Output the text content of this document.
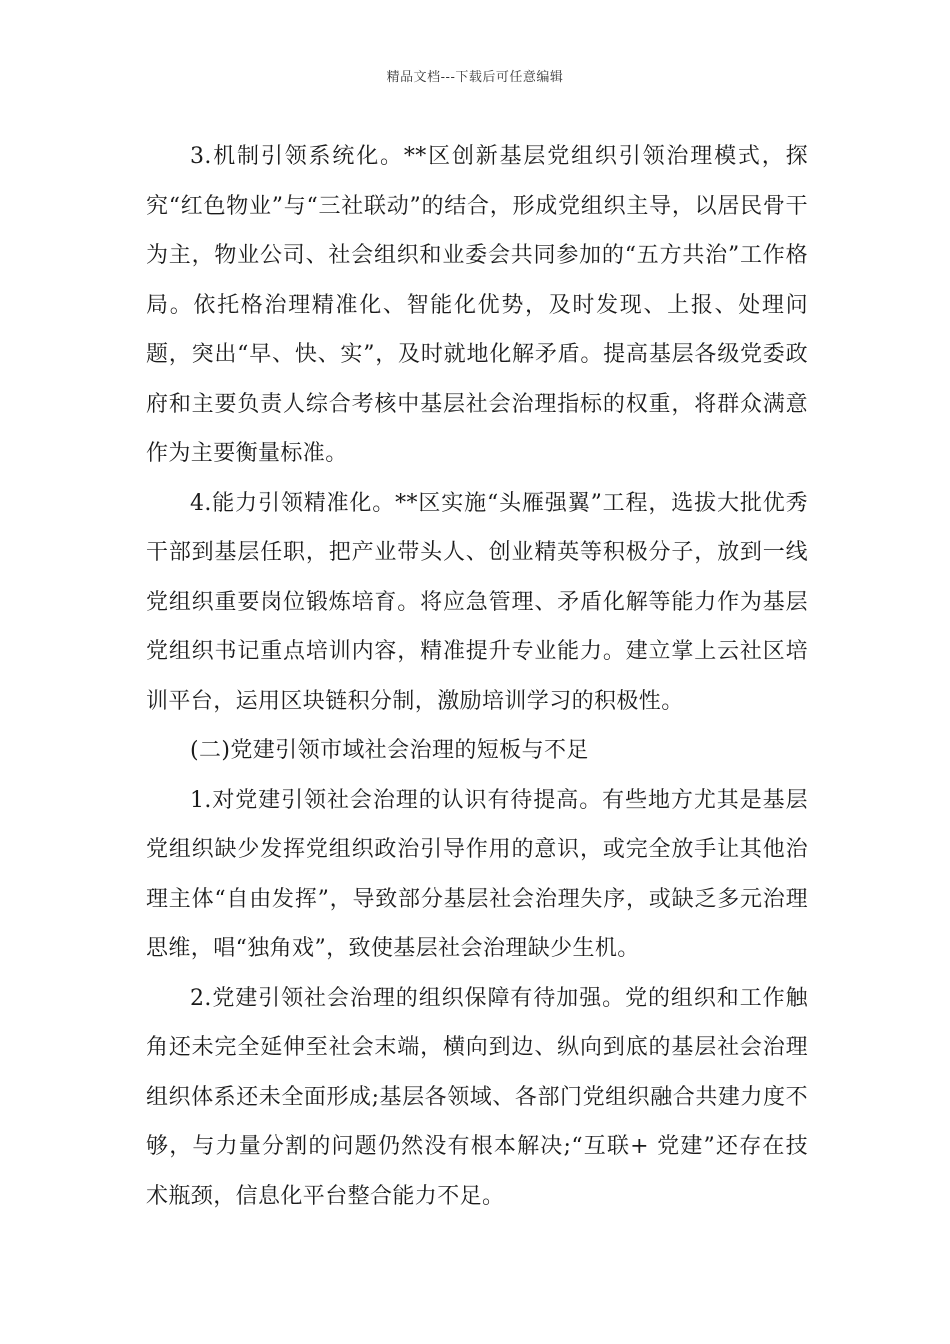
精品文档---下载后可任意编辑

3.机制引领系统化。**区创新基层党组织引领治理模式，探究“红色物业”与“三社联动”的结合，形成党组织主导，以居民骨干为主，物业公司、社会组织和业委会共同参加的“五方共治”工作格局。依托格治理精准化、智能化优势，及时发现、上报、处理问题，突出“早、快、实”，及时就地化解矛盾。提高基层各级党委政府和主要负责人综合考核中基层社会治理指标的权重，将群众满意作为主要衡量标准。

4.能力引领精准化。**区实施“头雁强翼”工程，选拔大批优秀干部到基层任职，把产业带头人、创业精英等积极分子，放到一线党组织重要岗位锻炼培育。将应急管理、矛盾化解等能力作为基层党组织书记重点培训内容，精准提升专业能力。建立掌上云社区培训平台，运用区块链积分制，激励培训学习的积极性。

(二)党建引领市域社会治理的短板与不足

1.对党建引领社会治理的认识有待提高。有些地方尤其是基层党组织缺少发挥党组织政治引导作用的意识，或完全放手让其他治理主体“自由发挥”，导致部分基层社会治理失序，或缺乏多元治理思维，唱“独角戏”，致使基层社会治理缺少生机。

2.党建引领社会治理的组织保障有待加强。党的组织和工作触角还未完全延伸至社会末端，横向到边、纵向到底的基层社会治理组织体系还未全面形成;基层各领域、各部门党组织融合共建力度不够，与力量分割的问题仍然没有根本解决;“互联+ 党建”还存在技术瓶颈，信息化平台整合能力不足。
